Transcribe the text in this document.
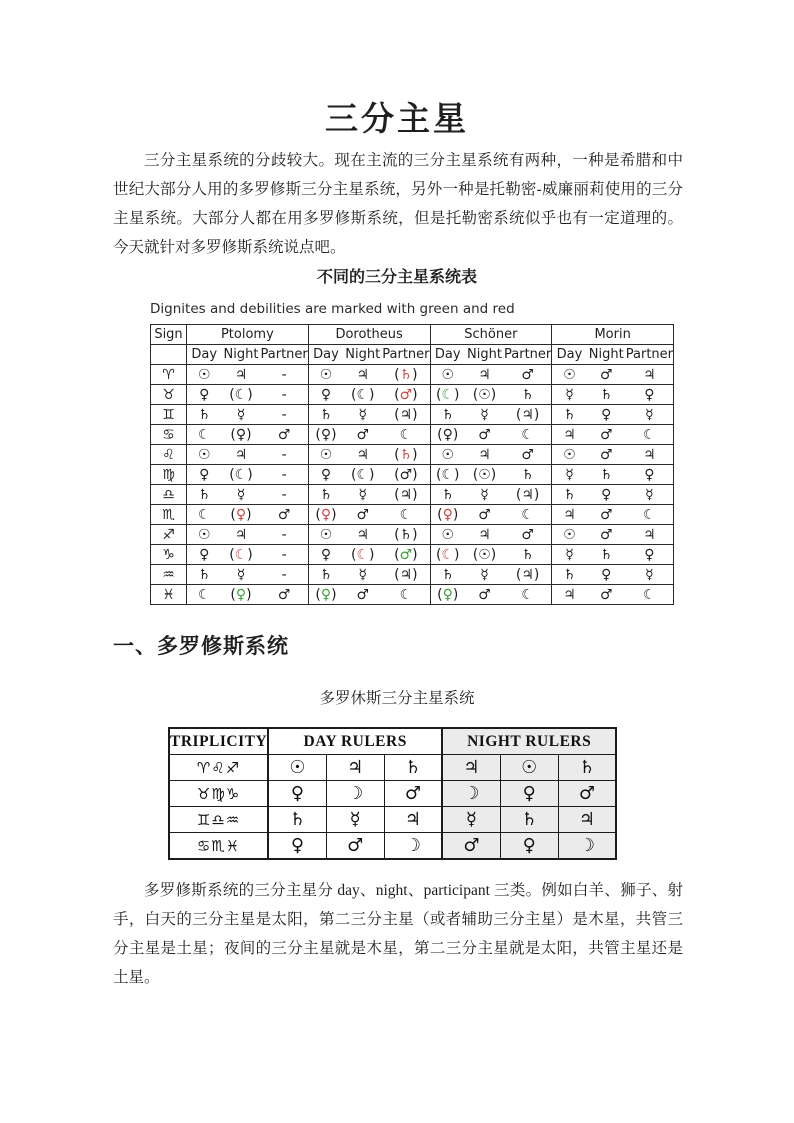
三分主星

三分主星系统的分歧较大。现在主流的三分主星系统有两种，一种是希腊和中世纪大部分人用的多罗修斯三分主星系统，另外一种是托勒密-威廉丽莉使用的三分主星系统。大部分人都在用多罗修斯系统，但是托勒密系统似乎也有一定道理的。今天就针对多罗修斯系统说点吧。

不同的三分主星系统表

Dignites and debilities are marked with green and red

Sign	Ptolomy			Dorotheus			Schöner			Morin		
	Day	Night	Partner	Day	Night	Partner	Day	Night	Partner	Day	Night	Partner
♈	☉	♃	-	☉	♃	(♄)	☉	♃	♂	☉	♂	♃
♉	♀	(☾)	-	♀	(☾)	(♂)	(☾)	(☉)	♄	☿	♄	♀
♊	♄	☿	-	♄	☿	(♃)	♄	☿	(♃)	♄	♀	☿
♋	☾	(♀)	♂	(♀)	♂	☾	(♀)	♂	☾	♃	♂	☾
♌	☉	♃	-	☉	♃	(♄)	☉	♃	♂	☉	♂	♃
♍	♀	(☾)	-	♀	(☾)	(♂)	(☾)	(☉)	♄	☿	♄	♀
♎	♄	☿	-	♄	☿	(♃)	♄	☿	(♃)	♄	♀	☿
♏	☾	(♀)	♂	(♀)	♂	☾	(♀)	♂	☾	♃	♂	☾
♐	☉	♃	-	☉	♃	(♄)	☉	♃	♂	☉	♂	♃
♑	♀	(☾)	-	♀	(☾)	(♂)	(☾)	(☉)	♄	☿	♄	♀
♒	♄	☿	-	♄	☿	(♃)	♄	☿	(♃)	♄	♀	☿
♓	☾	(♀)	♂	(♀)	♂	☾	(♀)	♂	☾	♃	♂	☾
一、多罗修斯系统

多罗休斯三分主星系统

TRIPLICITY	DAY RULERS			NIGHT RULERS		
♈♌♐	☉	♃	♄	♃	☉	♄
♉♍♑	♀	☽	♂	☽	♀	♂
♊♎♒	♄	☿	♃	☿	♄	♃
♋♏♓	♀	♂	☽	♂	♀	☽

多罗修斯系统的三分主星分 day、night、participant 三类。例如白羊、狮子、射手，白天的三分主星是太阳，第二三分主星（或者辅助三分主星）是木星，共管三分主星是土星；夜间的三分主星就是木星，第二三分主星就是太阳，共管主星还是土星。
